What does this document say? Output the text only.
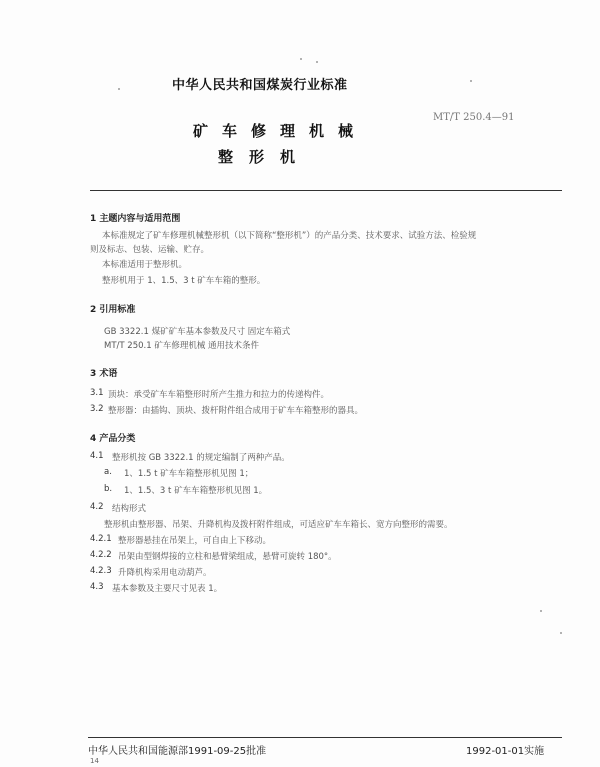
中华人民共和国煤炭行业标准
MT/T 250.4—91
矿车修理机械
整形机
1 主题内容与适用范围
本标准规定了矿车修理机械整形机（以下简称“整形机”）的产品分类、技术要求、试验方法、检验规
则及标志、包装、运输、贮存。
本标准适用于整形机。
整形机用于 1、1.5、3 t 矿车车箱的整形。
2 引用标准
GB 3322.1 煤矿矿车基本参数及尺寸 固定车箱式
MT/T 250.1 矿车修理机械 通用技术条件
3 术语
3.1 顶块：承受矿车车箱整形时所产生推力和拉力的传递构件。
3.2 整形器：由插钩、顶块、拨杆附件组合成用于矿车车箱整形的器具。
4 产品分类
4.1 整形机按 GB 3322.1 的规定编制了两种产品。
a. 1、1.5 t 矿车车箱整形机见图 1；
b. 1、1.5、3 t 矿车车箱整形机见图 1。
4.2 结构形式
整形机由整形器、吊架、升降机构及拨杆附件组成，可适应矿车车箱长、宽方向整形的需要。
4.2.1 整形器悬挂在吊架上，可自由上下移动。
4.2.2 吊架由型钢焊接的立柱和悬臂梁组成，悬臂可旋转 180°。
4.2.3 升降机构采用电动葫芦。
4.3 基本参数及主要尺寸见表 1。
中华人民共和国能源部1991-09-25批准	1992-01-01实施
14
